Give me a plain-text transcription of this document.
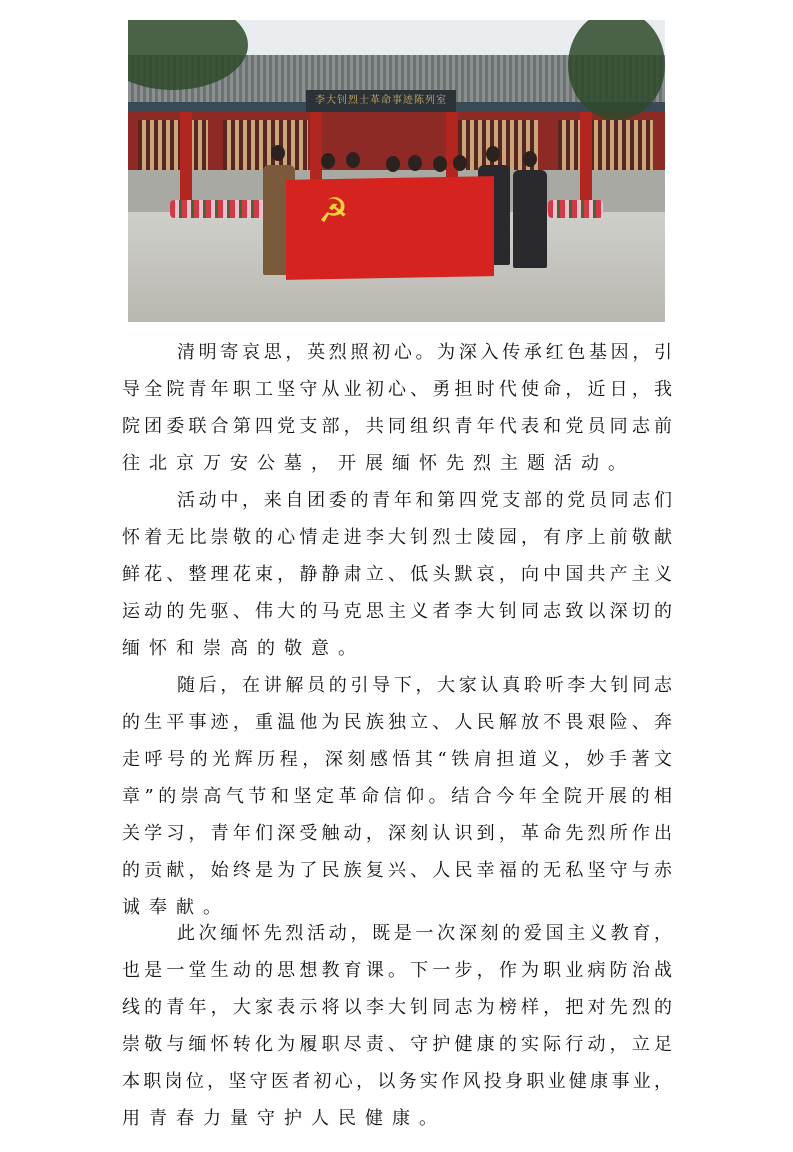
李大钊烈士革命事迹陈列室
☭
清明寄哀思，英烈照初心。为深入传承红色基因，引
导全院青年职工坚守从业初心、勇担时代使命，近日，我
院团委联合第四党支部，共同组织青年代表和党员同志前
往北京万安公墓，开展缅怀先烈主题活动。
活动中，来自团委的青年和第四党支部的党员同志们
怀着无比崇敬的心情走进李大钊烈士陵园，有序上前敬献
鲜花、整理花束，静静肃立、低头默哀，向中国共产主义
运动的先驱、伟大的马克思主义者李大钊同志致以深切的
缅怀和崇高的敬意。
随后，在讲解员的引导下，大家认真聆听李大钊同志
的生平事迹，重温他为民族独立、人民解放不畏艰险、奔
走呼号的光辉历程，深刻感悟其“铁肩担道义，妙手著文
章”的崇高气节和坚定革命信仰。结合今年全院开展的相
关学习，青年们深受触动，深刻认识到，革命先烈所作出
的贡献，始终是为了民族复兴、人民幸福的无私坚守与赤
诚奉献。
此次缅怀先烈活动，既是一次深刻的爱国主义教育，
也是一堂生动的思想教育课。下一步，作为职业病防治战
线的青年，大家表示将以李大钊同志为榜样，把对先烈的
崇敬与缅怀转化为履职尽责、守护健康的实际行动，立足
本职岗位，坚守医者初心，以务实作风投身职业健康事业，
用青春力量守护人民健康。
